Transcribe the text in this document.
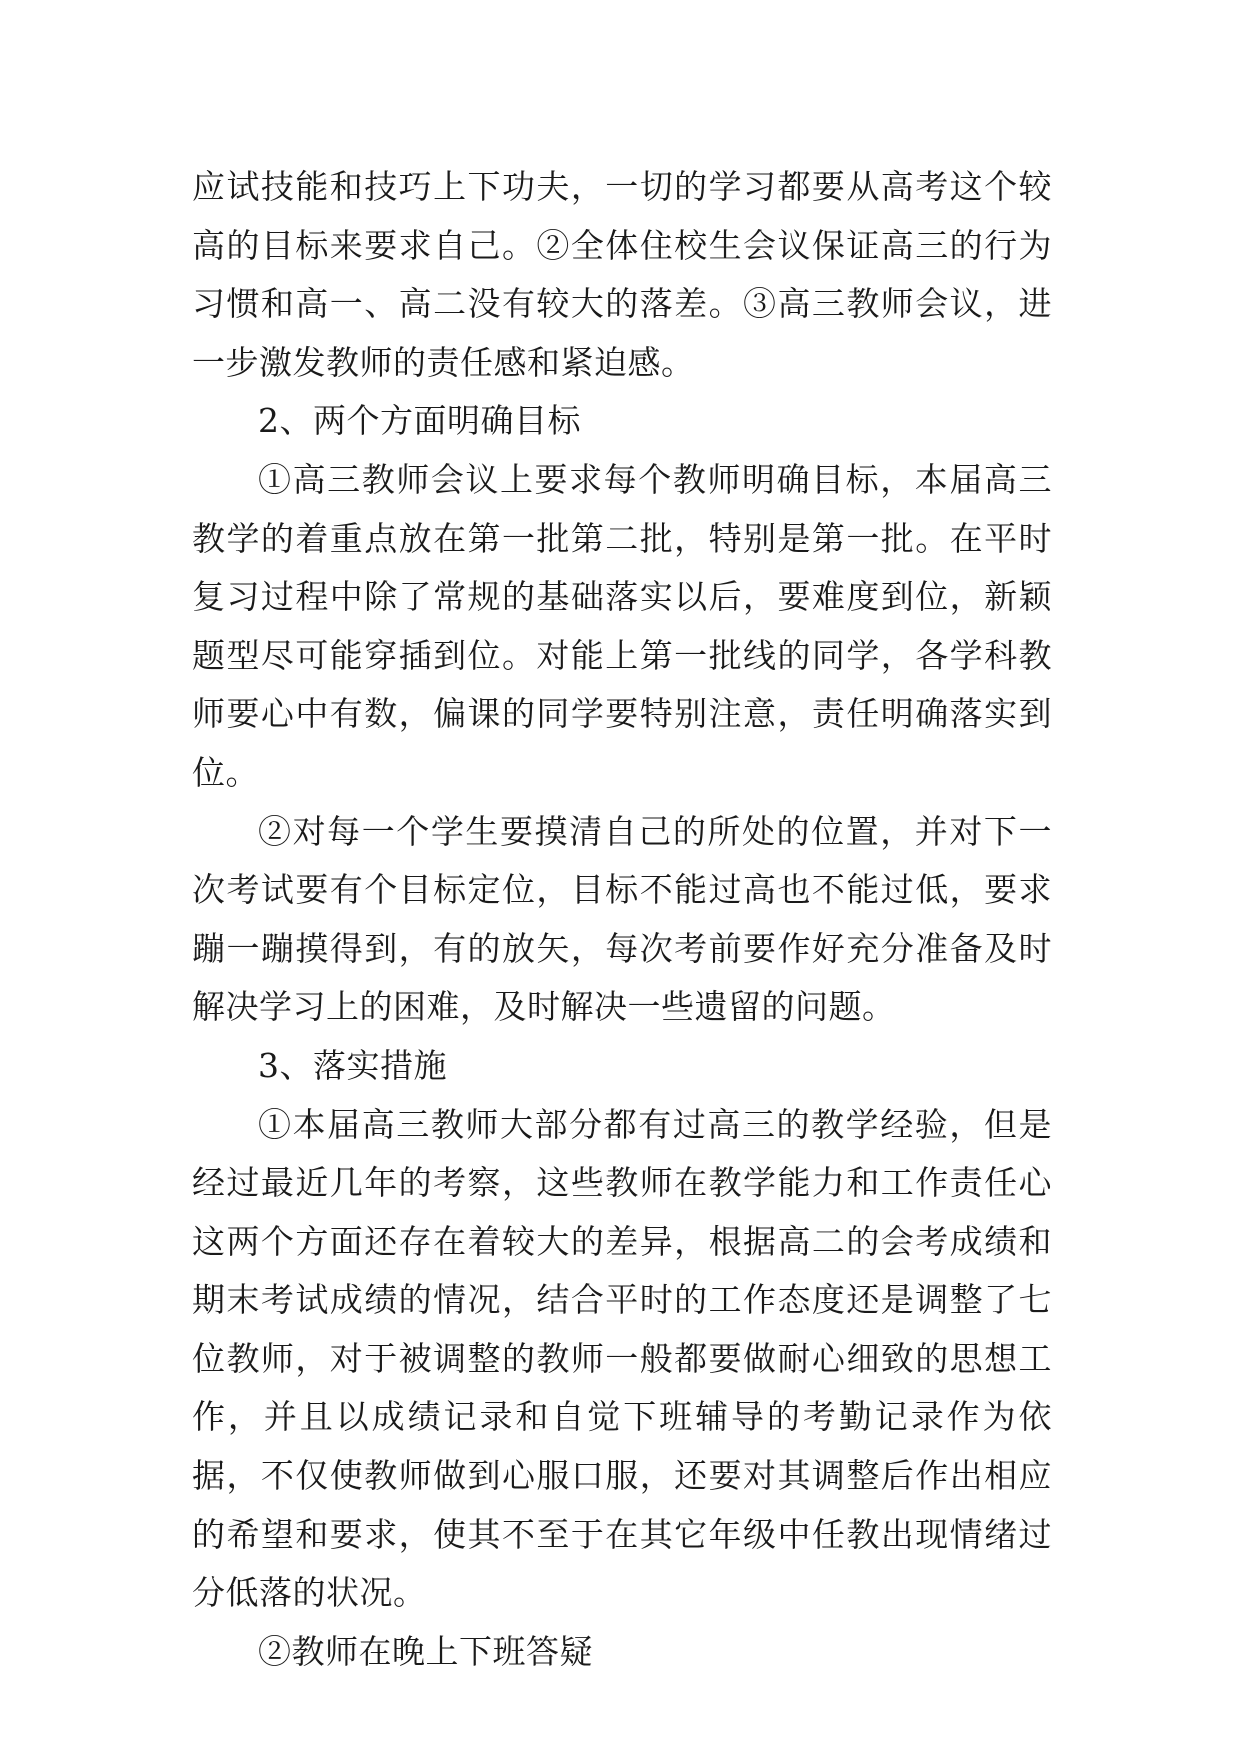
应试技能和技巧上下功夫，一切的学习都要从高考这个较高的目标来要求自己。②全体住校生会议保证高三的行为习惯和高一、高二没有较大的落差。③高三教师会议，进一步激发教师的责任感和紧迫感。

2、两个方面明确目标

①高三教师会议上要求每个教师明确目标，本届高三教学的着重点放在第一批第二批，特别是第一批。在平时复习过程中除了常规的基础落实以后，要难度到位，新颖题型尽可能穿插到位。对能上第一批线的同学，各学科教师要心中有数，偏课的同学要特别注意，责任明确落实到位。

②对每一个学生要摸清自己的所处的位置，并对下一次考试要有个目标定位，目标不能过高也不能过低，要求蹦一蹦摸得到，有的放矢，每次考前要作好充分准备及时解决学习上的困难，及时解决一些遗留的问题。

3、落实措施

①本届高三教师大部分都有过高三的教学经验，但是经过最近几年的考察，这些教师在教学能力和工作责任心这两个方面还存在着较大的差异，根据高二的会考成绩和期末考试成绩的情况，结合平时的工作态度还是调整了七位教师，对于被调整的教师一般都要做耐心细致的思想工作，并且以成绩记录和自觉下班辅导的考勤记录作为依据，不仅使教师做到心服口服，还要对其调整后作出相应的希望和要求，使其不至于在其它年级中任教出现情绪过分低落的状况。

②教师在晚上下班答疑
